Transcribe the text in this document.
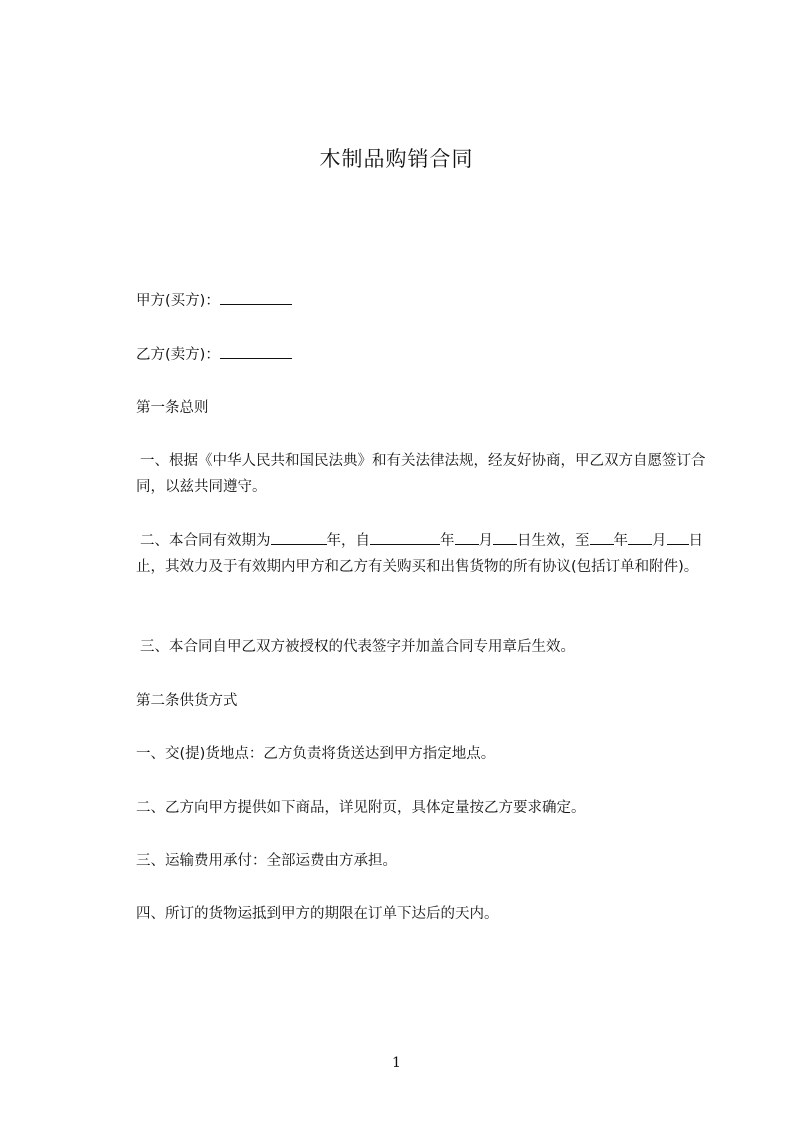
木制品购销合同
甲方(买方)：
乙方(卖方)：
第一条总则
一、根据《中华人民共和国民法典》和有关法律法规，经友好协商，甲乙双方自愿签订合同，以兹共同遵守。
二、本合同有效期为	年，自	年 月 日生效，至 年 月 日止，其效力及于有效期内甲方和乙方有关购买和出售货物的所有协议(包括订单和附件)。
三、本合同自甲乙双方被授权的代表签字并加盖合同专用章后生效。
第二条供货方式
一、交(提)货地点：乙方负责将货送达到甲方指定地点。
二、乙方向甲方提供如下商品，详见附页，具体定量按乙方要求确定。
三、运输费用承付：全部运费由方承担。
四、所订的货物运抵到甲方的期限在订单下达后的天内。
1
